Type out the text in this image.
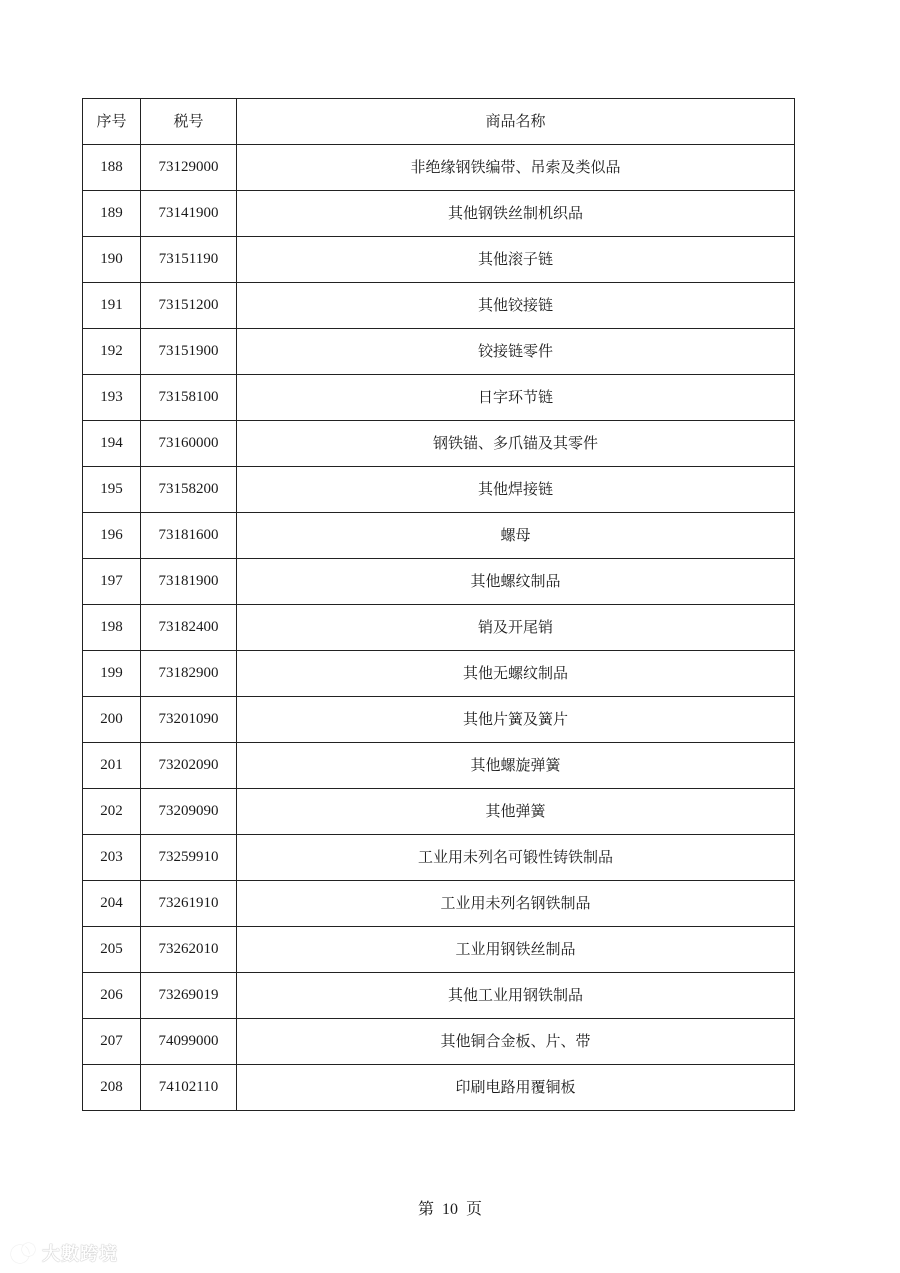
序号	税号	商品名称
188	73129000	非绝缘钢铁编带、吊索及类似品
189	73141900	其他钢铁丝制机织品
190	73151190	其他滚子链
191	73151200	其他铰接链
192	73151900	铰接链零件
193	73158100	日字环节链
194	73160000	钢铁锚、多爪锚及其零件
195	73158200	其他焊接链
196	73181600	螺母
197	73181900	其他螺纹制品
198	73182400	销及开尾销
199	73182900	其他无螺纹制品
200	73201090	其他片簧及簧片
201	73202090	其他螺旋弹簧
202	73209090	其他弹簧
203	73259910	工业用未列名可锻性铸铁制品
204	73261910	工业用未列名钢铁制品
205	73262010	工业用钢铁丝制品
206	73269019	其他工业用钢铁制品
207	74099000	其他铜合金板、片、带
208	74102110	印刷电路用覆铜板
第 10 页
大數跨境
